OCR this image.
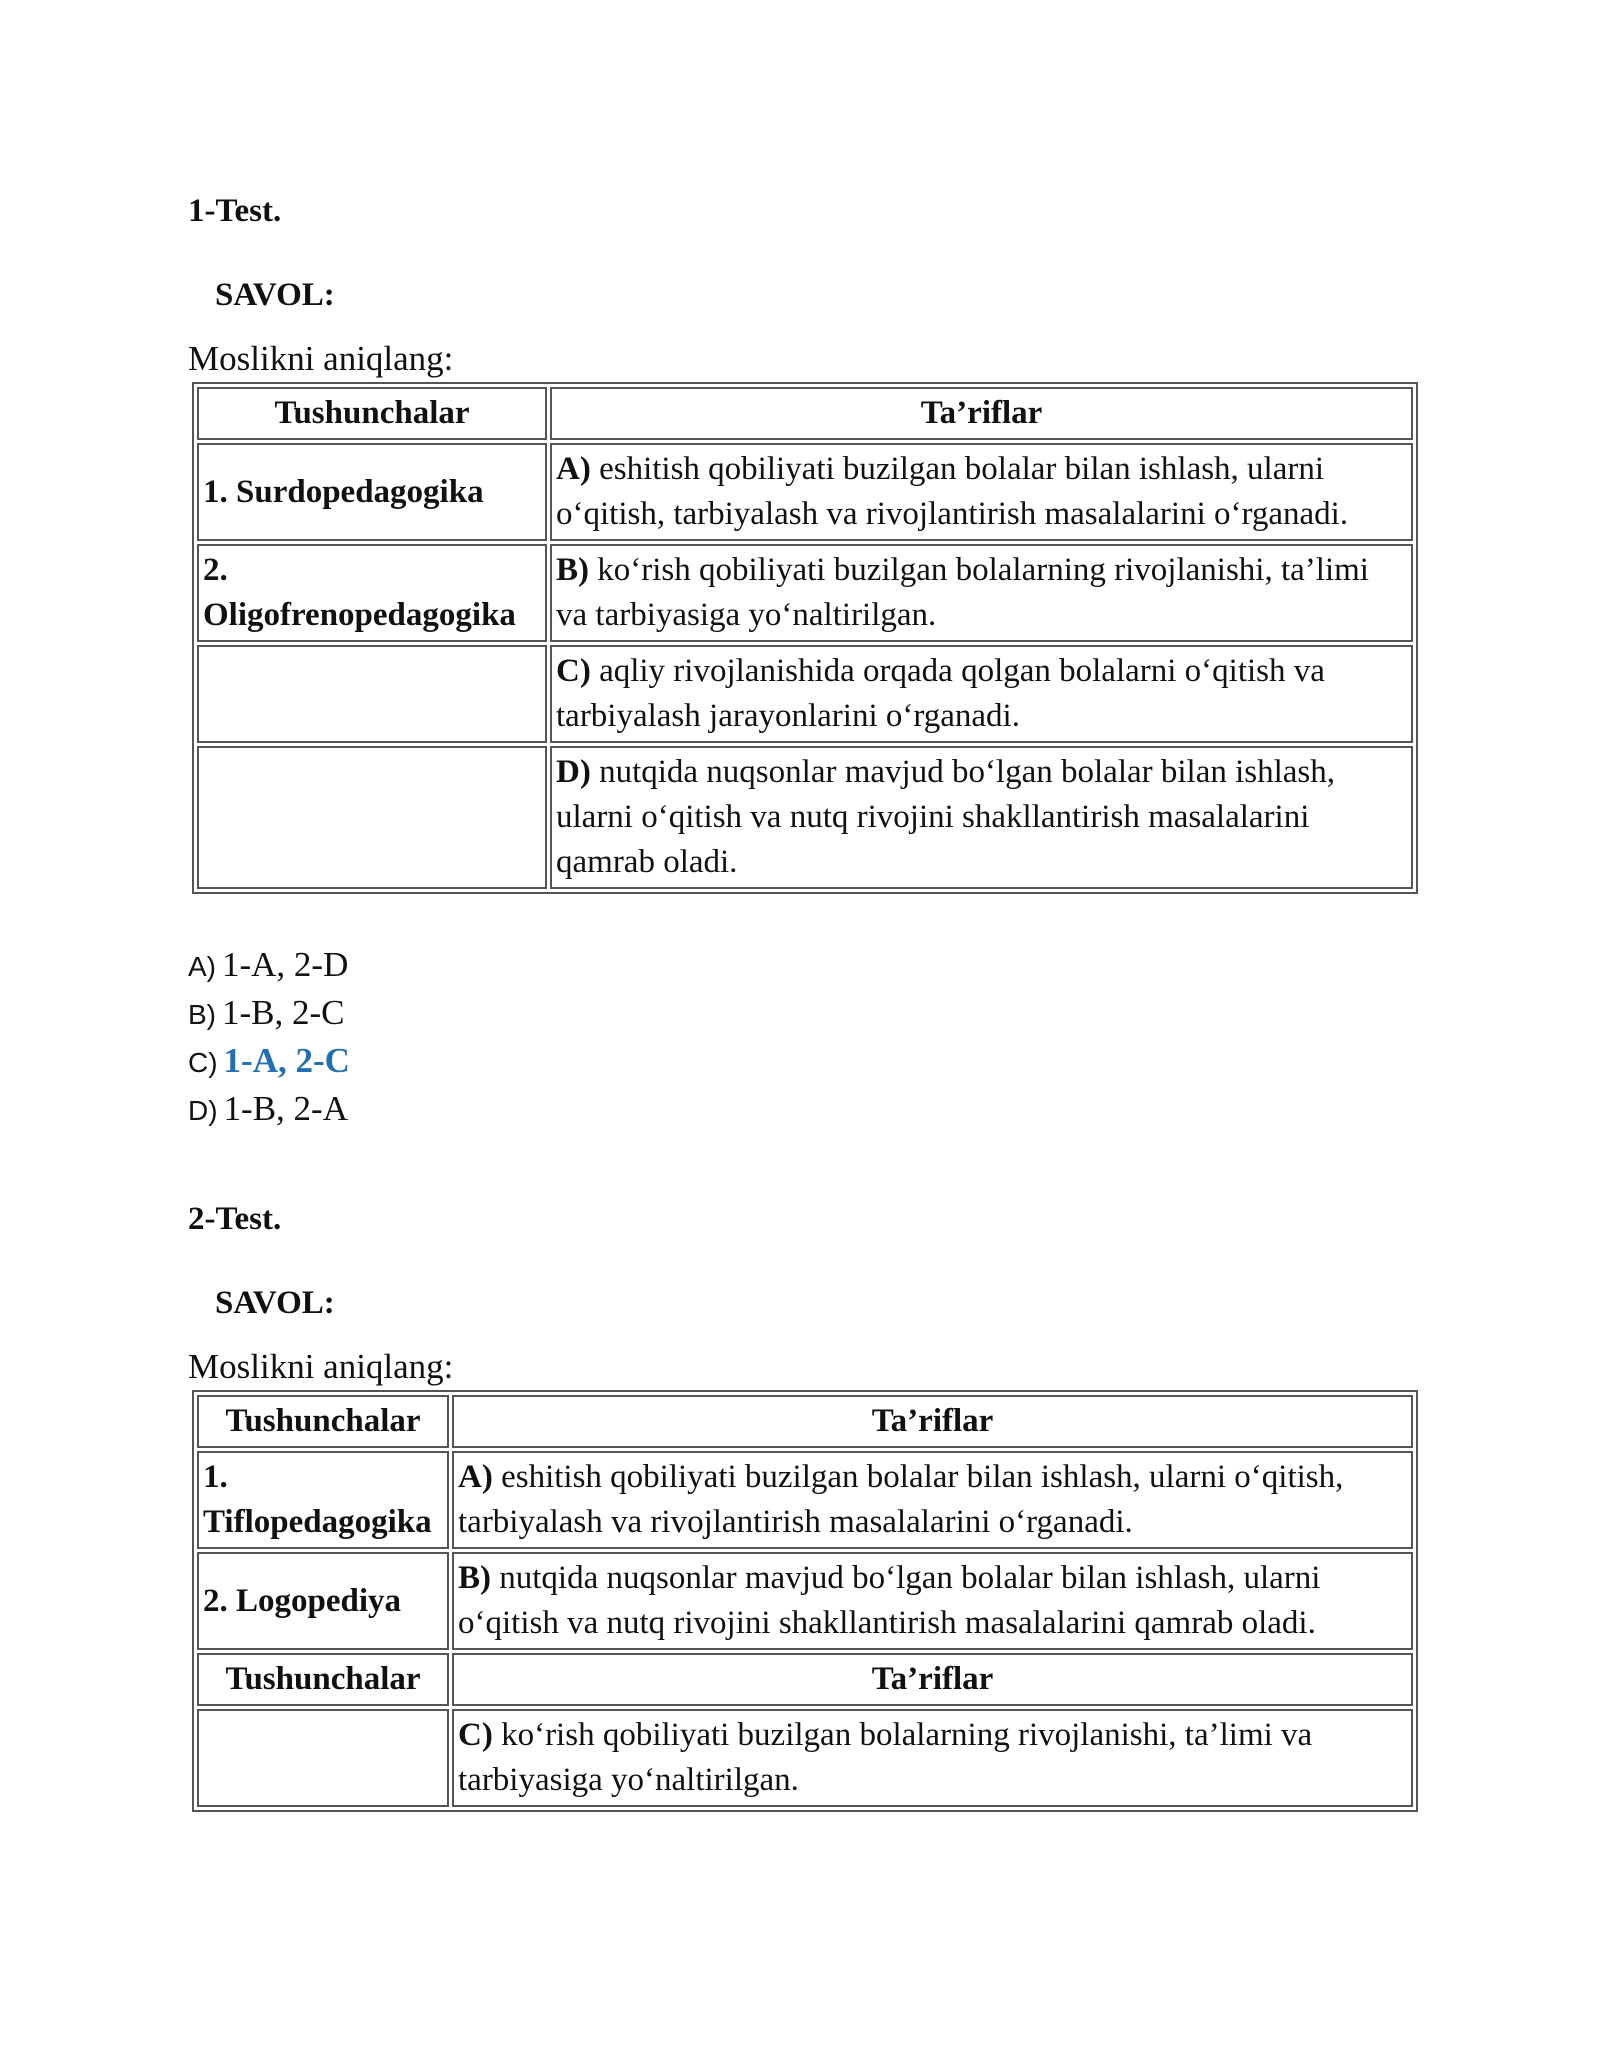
1-Test.

SAVOL:

Moslikni aniqlang:

Tushunchalar	Ta’riflar
1. Surdopedagogika	A) eshitish qobiliyati buzilgan bolalar bilan ishlash, ularni o‘qitish, tarbiyalash va rivojlantirish masalalarini o‘rganadi.
2. Oligofrenopedagogika	B) ko‘rish qobiliyati buzilgan bolalarning rivojlanishi, ta’limi va tarbiyasiga yo‘naltirilgan.
	C) aqliy rivojlanishida orqada qolgan bolalarni o‘qitish va tarbiyalash jarayonlarini o‘rganadi.
	D) nutqida nuqsonlar mavjud bo‘lgan bolalar bilan ishlash, ularni o‘qitish va nutq rivojini shakllantirish masalalarini qamrab oladi.
A) 1-A, 2-D
B) 1-B, 2-C
C) 1-A, 2-C
D) 1-B, 2-A

2-Test.

SAVOL:

Moslikni aniqlang:

Tushunchalar	Ta’riflar
1. Tiflopedagogika	A) eshitish qobiliyati buzilgan bolalar bilan ishlash, ularni o‘qitish, tarbiyalash va rivojlantirish masalalarini o‘rganadi.
2. Logopediya	B) nutqida nuqsonlar mavjud bo‘lgan bolalar bilan ishlash, ularni o‘qitish va nutq rivojini shakllantirish masalalarini qamrab oladi.
Tushunchalar	Ta’riflar
	C) ko‘rish qobiliyati buzilgan bolalarning rivojlanishi, ta’limi va tarbiyasiga yo‘naltirilgan.
